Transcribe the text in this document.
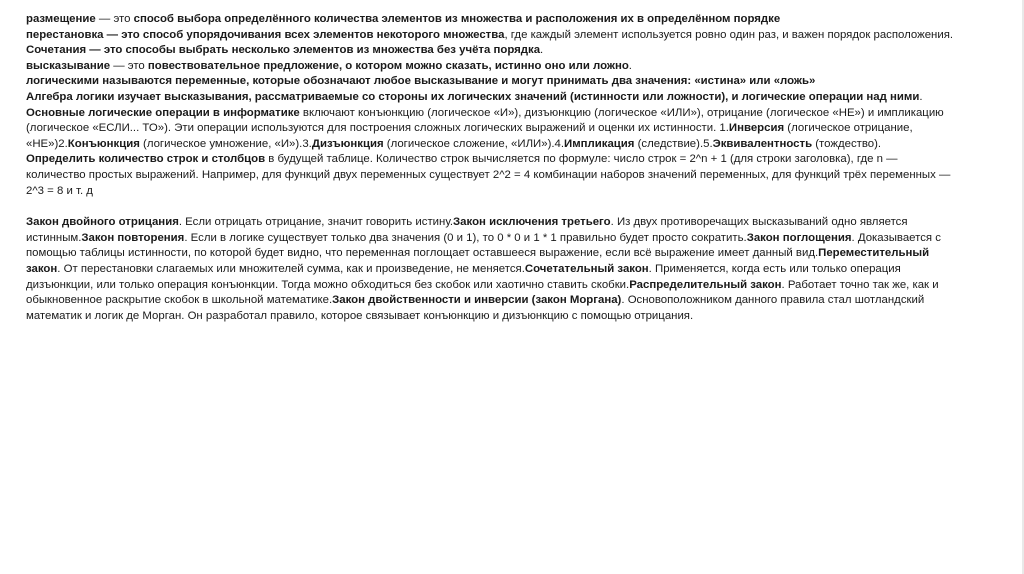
размещение — это способ выбора определённого количества элементов из множества и расположения их в определённом порядке

перестановка — это способ упорядочивания всех элементов некоторого множества, где каждый элемент используется ровно один раз, и важен порядок расположения.

Сочетания — это способы выбрать несколько элементов из множества без учёта порядка.

высказывание — это повествовательное предложение, о котором можно сказать, истинно оно или ложно.

логическими называются переменные, которые обозначают любое высказывание и могут принимать два значения: «истина» или «ложь»

Алгебра логики изучает высказывания, рассматриваемые со стороны их логических значений (истинности или ложности), и логические операции над ними.

Основные логические операции в информатике включают конъюнкцию (логическое «И»), дизъюнкцию (логическое «ИЛИ»), отрицание (логическое «НЕ») и импликацию (логическое «ЕСЛИ... ТО»). Эти операции используются для построения сложных логических выражений и оценки их истинности. 1.Инверсия (логическое отрицание, «НЕ»)2.Конъюнкция (логическое умножение, «И»).3.Дизъюнкция (логическое сложение, «ИЛИ»).4.Импликация (следствие).5.Эквивалентность (тождество).

Определить количество строк и столбцов в будущей таблице. Количество строк вычисляется по формуле: число строк = 2^n + 1 (для строки заголовка), где n — количество простых выражений. Например, для функций двух переменных существует 2^2 = 4 комбинации наборов значений переменных, для функций трёх переменных — 2^3 = 8 и т. д

Закон двойного отрицания. Если отрицать отрицание, значит говорить истину.Закон исключения третьего. Из двух противоречащих высказываний одно является истинным.Закон повторения. Если в логике существует только два значения (0 и 1), то 0 * 0 и 1 * 1 правильно будет просто сократить.Закон поглощения. Доказывается с помощью таблицы истинности, по которой будет видно, что переменная поглощает оставшееся выражение, если всё выражение имеет данный вид.Переместительный закон. От перестановки слагаемых или множителей сумма, как и произведение, не меняется.Сочетательный закон. Применяется, когда есть или только операция дизъюнкции, или только операция конъюнкции. Тогда можно обходиться без скобок или хаотично ставить скобки.Распределительный закон. Работает точно так же, как и обыкновенное раскрытие скобок в школьной математике.Закон двойственности и инверсии (закон Моргана). Основоположником данного правила стал шотландский математик и логик де Морган. Он разработал правило, которое связывает конъюнкцию и дизъюнкцию с помощью отрицания.
